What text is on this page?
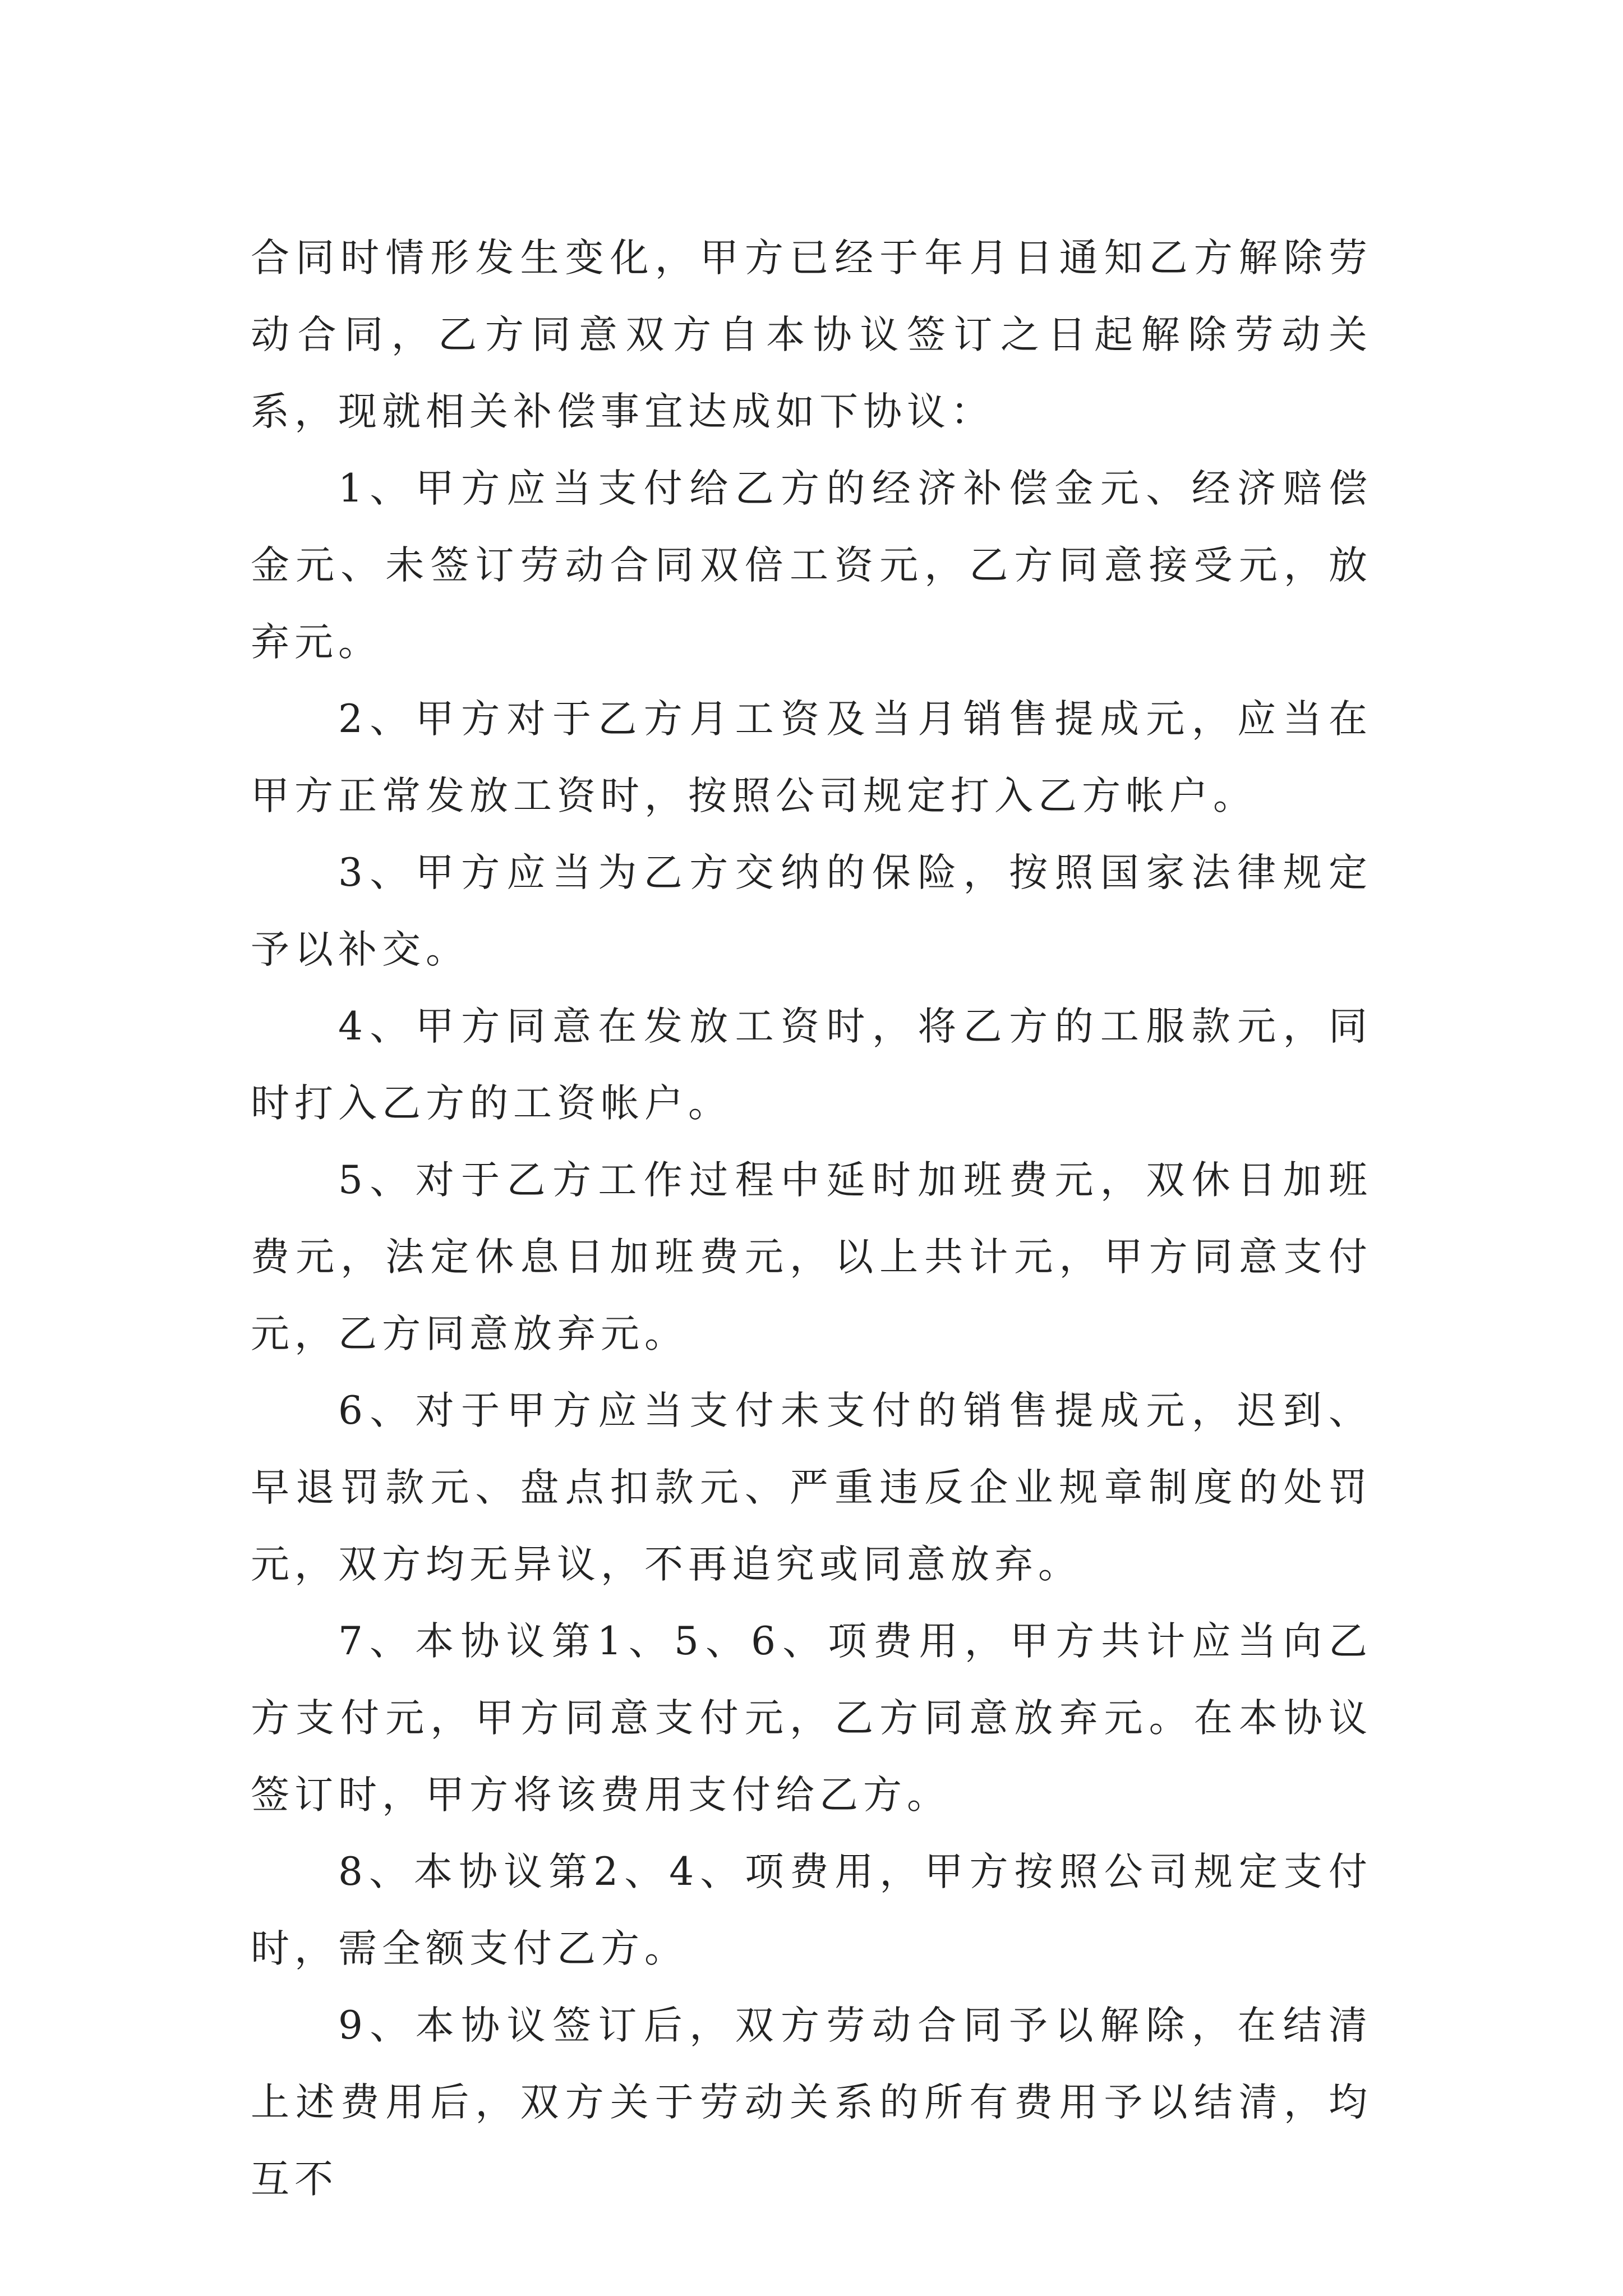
合同时情形发生变化，甲方已经于年月日通知乙方解除劳动合同，乙方同意双方自本协议签订之日起解除劳动关系，现就相关补偿事宜达成如下协议：

1、甲方应当支付给乙方的经济补偿金元、经济赔偿金元、未签订劳动合同双倍工资元，乙方同意接受元，放弃元。

2、甲方对于乙方月工资及当月销售提成元，应当在甲方正常发放工资时，按照公司规定打入乙方帐户。

3、甲方应当为乙方交纳的保险，按照国家法律规定予以补交。

4、甲方同意在发放工资时，将乙方的工服款元，同时打入乙方的工资帐户。

5、对于乙方工作过程中延时加班费元，双休日加班费元，法定休息日加班费元，以上共计元，甲方同意支付元，乙方同意放弃元。

6、对于甲方应当支付未支付的销售提成元，迟到、早退罚款元、盘点扣款元、严重违反企业规章制度的处罚元，双方均无异议，不再追究或同意放弃。

7、本协议第1、5、6、项费用，甲方共计应当向乙方支付元，甲方同意支付元，乙方同意放弃元。在本协议签订时，甲方将该费用支付给乙方。

8、本协议第2、4、项费用，甲方按照公司规定支付时，需全额支付乙方。

9、本协议签订后，双方劳动合同予以解除，在结清上述费用后，双方关于劳动关系的所有费用予以结清，均互不
